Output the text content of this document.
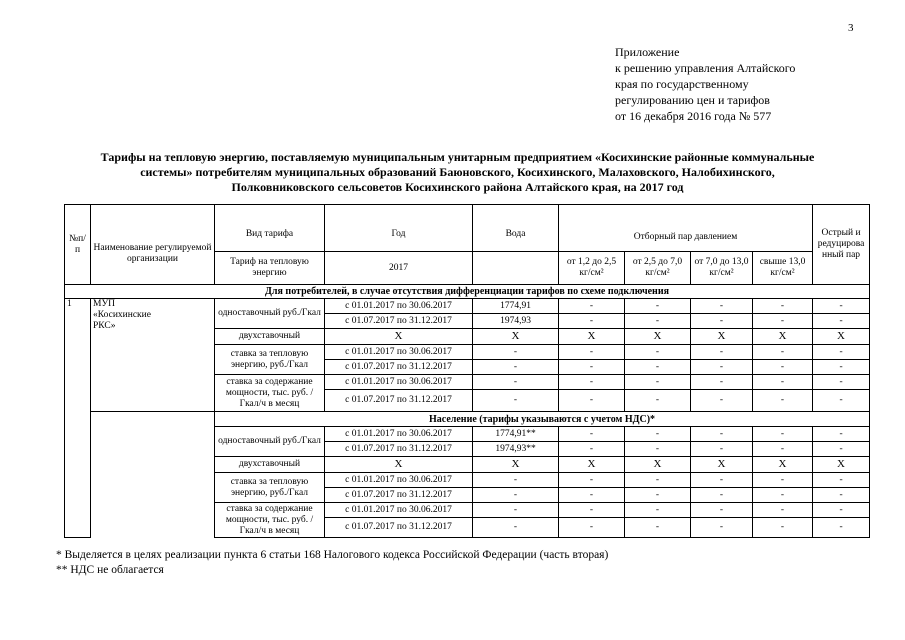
3
Приложение
к решению управления Алтайского
края по государственному
регулированию цен и тарифов
от 16 декабря 2016 года № 577
Тарифы на тепловую энергию, поставляемую муниципальным унитарным предприятием «Косихинские районные коммунальные
системы» потребителям муниципальных образований Баюновского, Косихинского, Малаховского, Налобихинского,
Полковниковского сельсоветов Косихинского района Алтайского края, на 2017 год
№п/п	Наименование регулируемой организации	Вид тарифа	Год	Вода	Отборный пар давлением				Острый и редуцирова нный пар
		Тариф на тепловую энергию	2017		от 1,2 до 2,5 кг/см²	от 2,5 до 7,0 кг/см²	от 7,0 до 13,0 кг/см²	свыше 13,0 кг/см²	
Для потребителей, в случае отсутствия дифференциации тарифов по схеме подключения									
1	МУП «Косихинские РКС»	одноставочный руб./Гкал	с 01.01.2017 по 30.06.2017	1774,91	-	-	-	-	-
			с 01.07.2017 по 31.12.2017	1974,93	-	-	-	-	-
		двухставочный	X	X	X	X	X	X	X
		ставка за тепловую энергию, руб./Гкал	с 01.01.2017 по 30.06.2017	-	-	-	-	-	-
			с 01.07.2017 по 31.12.2017	-	-	-	-	-	-
		ставка за содержание мощности, тыс. руб. /Гкал/ч в месяц	с 01.01.2017 по 30.06.2017	-	-	-	-	-	-
			с 01.07.2017 по 31.12.2017	-	-	-	-	-	-
		Население (тарифы указываются с учетом НДС)*							
		одноставочный руб./Гкал	с 01.01.2017 по 30.06.2017	1774,91**	-	-	-	-	-
			с 01.07.2017 по 31.12.2017	1974,93**	-	-	-	-	-
		двухставочный	X	X	X	X	X	X	X
		ставка за тепловую энергию, руб./Гкал	с 01.01.2017 по 30.06.2017	-	-	-	-	-	-
			с 01.07.2017 по 31.12.2017	-	-	-	-	-	-
		ставка за содержание мощности, тыс. руб. /Гкал/ч в месяц	с 01.01.2017 по 30.06.2017	-	-	-	-	-	-
			с 01.07.2017 по 31.12.2017	-	-	-	-	-	-
* Выделяется в целях реализации пункта 6 статьи 168 Налогового кодекса Российской Федерации (часть вторая)
** НДС не облагается
